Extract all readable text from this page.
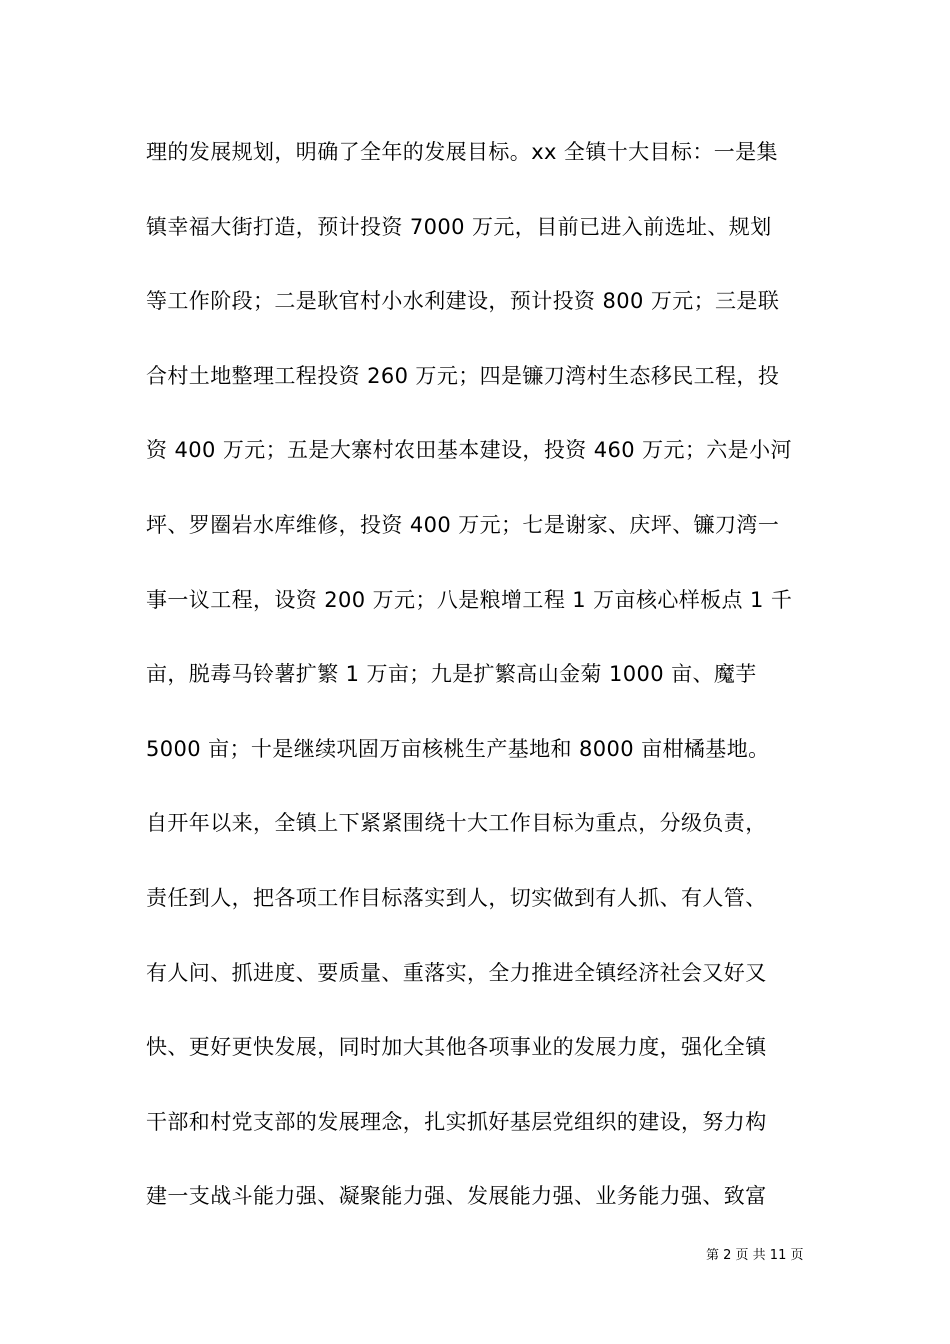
理的发展规划，明确了全年的发展目标。xx 全镇十大目标：一是集
镇幸福大街打造，预计投资 7000 万元，目前已进入前选址、规划
等工作阶段；二是耿官村小水利建设，预计投资 800 万元；三是联
合村土地整理工程投资 260 万元；四是镰刀湾村生态移民工程，投
资 400 万元；五是大寨村农田基本建设，投资 460 万元；六是小河
坪、罗圈岩水库维修，投资 400 万元；七是谢家、庆坪、镰刀湾一
事一议工程，设资 200 万元；八是粮增工程 1 万亩核心样板点 1 千
亩，脱毒马铃薯扩繁 1 万亩；九是扩繁高山金菊 1000 亩、魔芋
5000 亩；十是继续巩固万亩核桃生产基地和 8000 亩柑橘基地。
自开年以来，全镇上下紧紧围绕十大工作目标为重点，分级负责，
责任到人，把各项工作目标落实到人，切实做到有人抓、有人管、
有人问、抓进度、要质量、重落实，全力推进全镇经济社会又好又
快、更好更快发展，同时加大其他各项事业的发展力度，强化全镇
干部和村党支部的发展理念，扎实抓好基层党组织的建设，努力构
建一支战斗能力强、凝聚能力强、发展能力强、业务能力强、致富
第 2 页 共 11 页
